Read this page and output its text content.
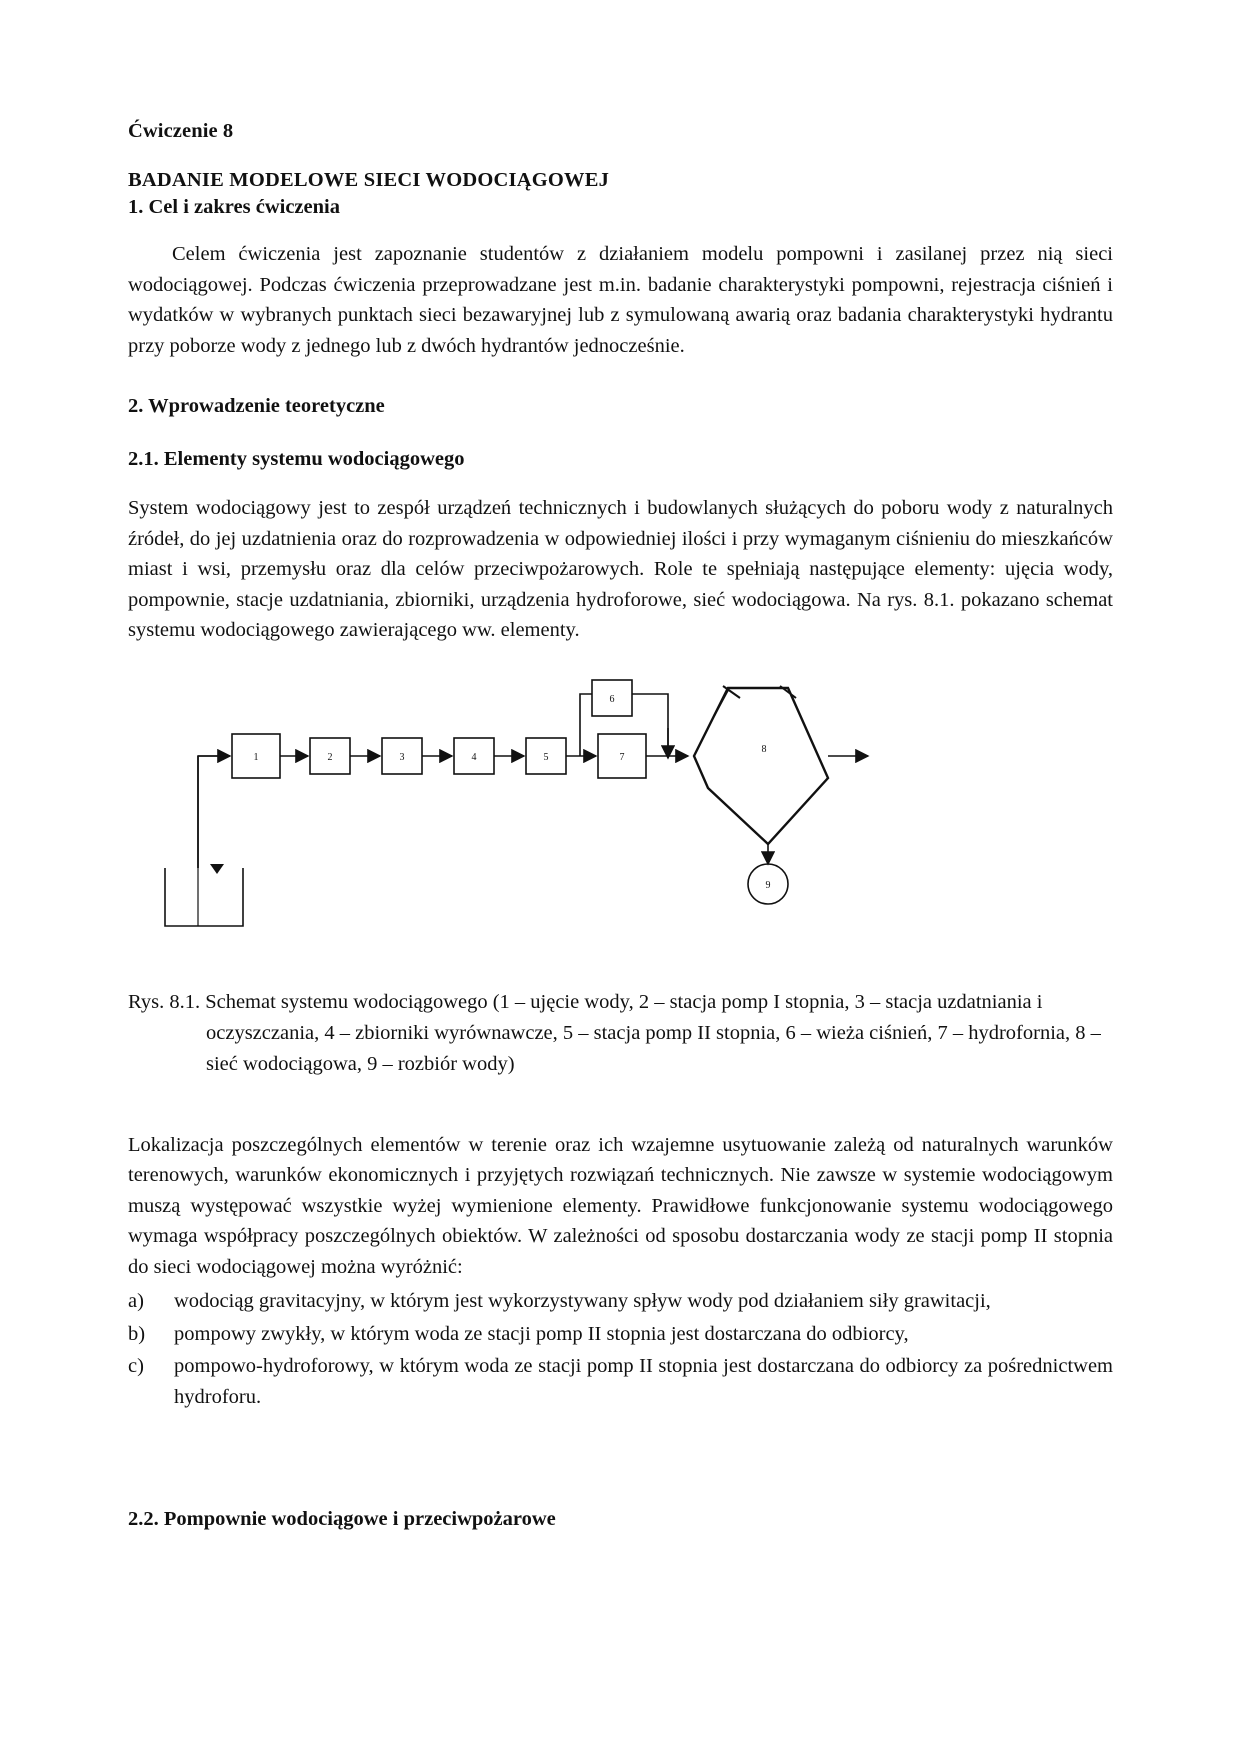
Ćwiczenie 8
BADANIE MODELOWE SIECI WODOCIĄGOWEJ
1. Cel i zakres ćwiczenia

Celem ćwiczenia jest zapoznanie studentów z działaniem modelu pompowni i zasilanej przez nią sieci wodociągowej. Podczas ćwiczenia przeprowadzane jest m.in. badanie charakterystyki pompowni, rejestracja ciśnień i wydatków w wybranych punktach sieci bezawaryjnej lub z symulowaną awarią oraz badania charakterystyki hydrantu przy poborze wody z jednego lub z dwóch hydrantów jednocześnie.

2. Wprowadzenie teoretyczne
2.1. Elementy systemu wodociągowego

System wodociągowy jest to zespół urządzeń technicznych i budowlanych służących do poboru wody z naturalnych źródeł, do jej uzdatnienia oraz do rozprowadzenia w odpowiedniej ilości i przy wymaganym ciśnieniu do mieszkańców miast i wsi, przemysłu oraz dla celów przeciwpożarowych. Role te spełniają następujące elementy: ujęcia wody, pompownie, stacje uzdatniania, zbiorniki, urządzenia hydroforowe, sieć wodociągowa. Na rys. 8.1. pokazano schemat systemu wodociągowego zawierającego ww. elementy.

1	2	3	4	5
6
7
8
9
Rys. 8.1. Schemat systemu wodociągowego (1 – ujęcie wody, 2 – stacja pomp I stopnia, 3 – stacja uzdatniania i oczyszczania, 4 – zbiorniki wyrównawcze, 5 – stacja pomp II stopnia, 6 – wieża ciśnień, 7 – hydrofornia, 8 – sieć wodociągowa, 9 – rozbiór wody)

Lokalizacja poszczególnych elementów w terenie oraz ich wzajemne usytuowanie zależą od naturalnych warunków terenowych, warunków ekonomicznych i przyjętych rozwiązań technicznych. Nie zawsze w systemie wodociągowym muszą występować wszystkie wyżej wymienione elementy. Prawidłowe funkcjonowanie systemu wodociągowego wymaga współpracy poszczególnych obiektów. W zależności od sposobu dostarczania wody ze stacji pomp II stopnia do sieci wodociągowej można wyróżnić:

a) wodociąg gravitacyjny, w którym jest wykorzystywany spływ wody pod działaniem siły grawitacji,
b) pompowy zwykły, w którym woda ze stacji pomp II stopnia jest dostarczana do odbiorcy,
c) pompowo-hydroforowy, w którym woda ze stacji pomp II stopnia jest dostarczana do odbiorcy za pośrednictwem hydroforu.
2.2. Pompownie wodociągowe i przeciwpożarowe
